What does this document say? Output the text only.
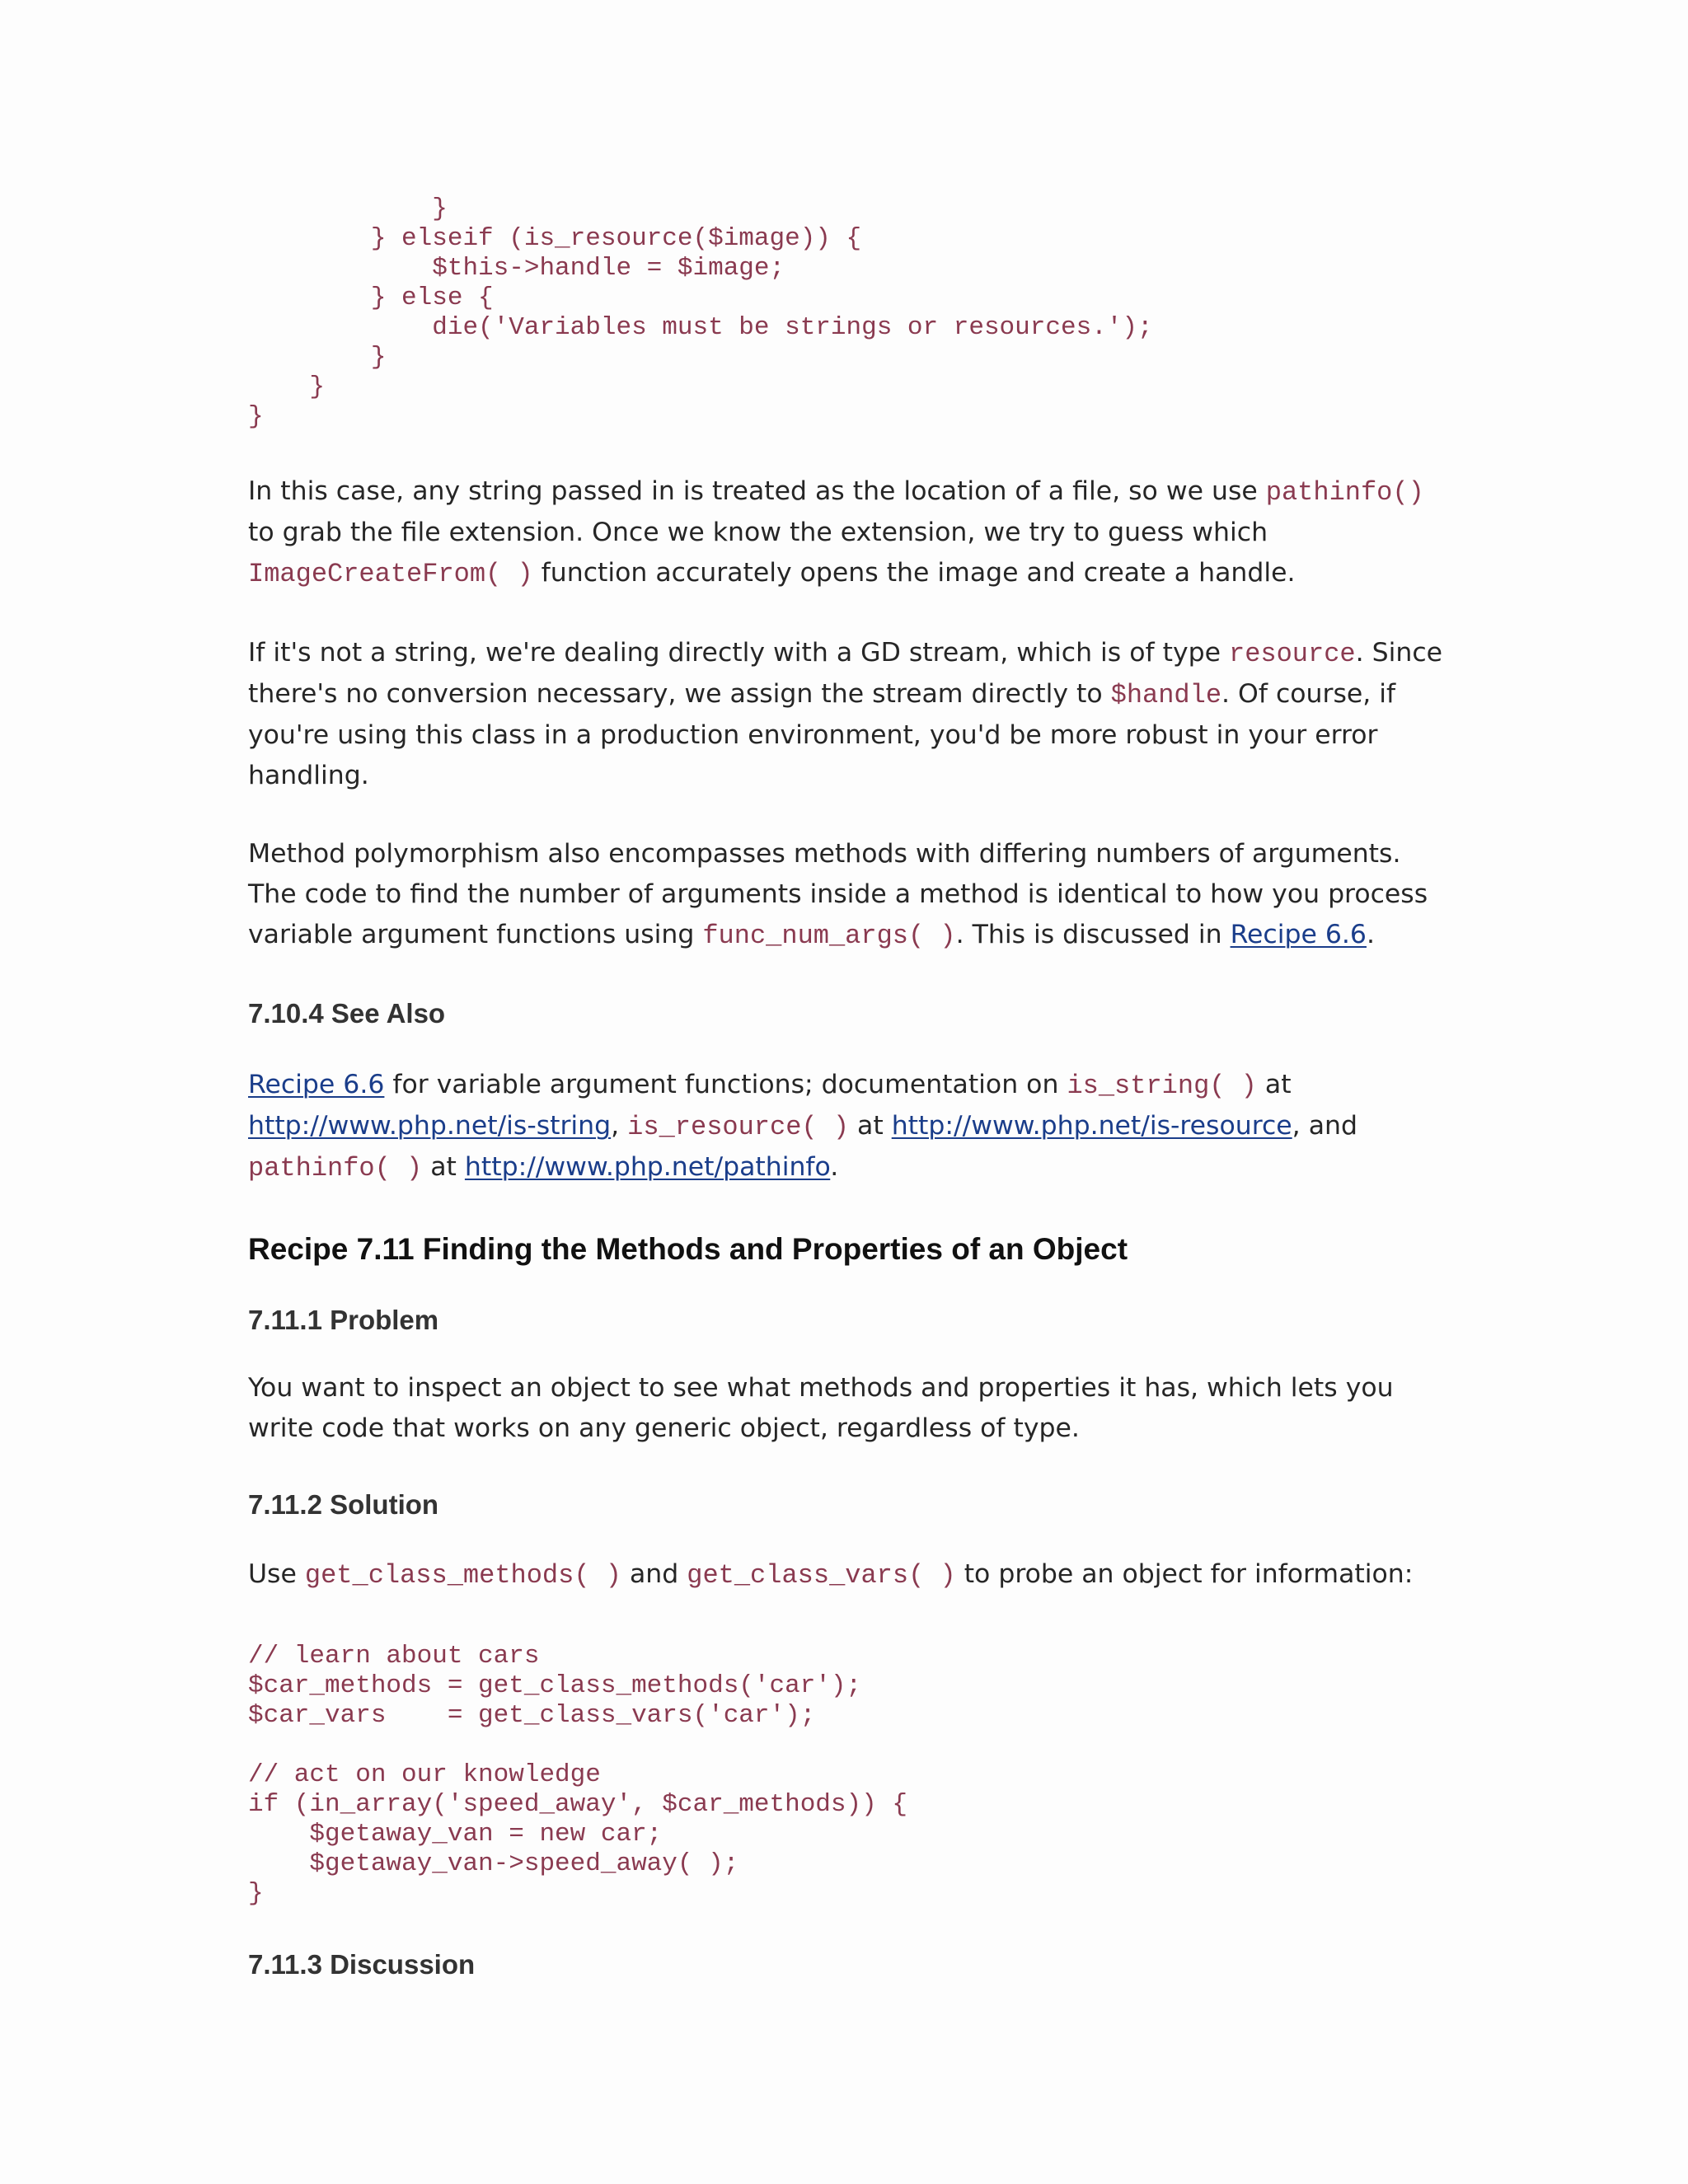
}
} elseif (is_resource($image)) {
$this->handle = $image;
} else {
die('Variables must be strings or resources.');
}
}
}

In this case, any string passed in is treated as the location of a file, so we use pathinfo() to grab the file extension. Once we know the extension, we try to guess which ImageCreateFrom( ) function accurately opens the image and create a handle.

If it's not a string, we're dealing directly with a GD stream, which is of type resource. Since there's no conversion necessary, we assign the stream directly to $handle. Of course, if you're using this class in a production environment, you'd be more robust in your error handling.

Method polymorphism also encompasses methods with differing numbers of arguments. The code to find the number of arguments inside a method is identical to how you process variable argument functions using func_num_args( ). This is discussed in Recipe 6.6.

7.10.4 See Also

Recipe 6.6 for variable argument functions; documentation on is_string( ) at http://www.php.net/is-string, is_resource( ) at http://www.php.net/is-resource, and pathinfo( ) at http://www.php.net/pathinfo.

Recipe 7.11 Finding the Methods and Properties of an Object
7.11.1 Problem

You want to inspect an object to see what methods and properties it has, which lets you write code that works on any generic object, regardless of type.

7.11.2 Solution

Use get_class_methods( ) and get_class_vars( ) to probe an object for information:

// learn about cars
$car_methods = get_class_methods('car');
$car_vars    = get_class_vars('car');

// act on our knowledge
if (in_array('speed_away', $car_methods)) {
$getaway_van = new car;
$getaway_van->speed_away( );
}
7.11.3 Discussion
